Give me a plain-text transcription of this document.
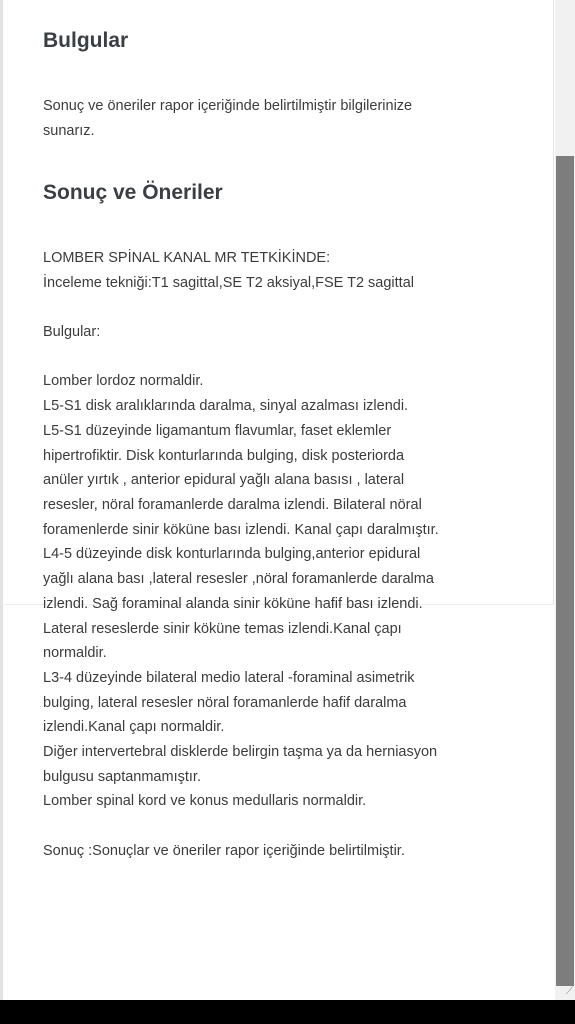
Bulgular

Sonuç ve öneriler rapor içeriğinde belirtilmiştir bilgilerinize
sunarız.

Sonuç ve Öneriler
LOMBER SPİNAL KANAL MR TETKİKİNDE:
İnceleme tekniği:T1 sagittal,SE T2 aksiyal,FSE T2 sagittal
Bulgular:
Lomber lordoz normaldir.
L5-S1 disk aralıklarında daralma, sinyal azalması izlendi.
L5-S1 düzeyinde ligamantum flavumlar, faset eklemler
hipertrofiktir. Disk konturlarında bulging, disk posteriorda
anüler yırtık , anterior epidural yağlı alana basısı , lateral
resesler, nöral foramanlerde daralma izlendi. Bilateral nöral
foramenlerde sinir köküne bası izlendi. Kanal çapı daralmıştır.
L4-5 düzeyinde disk konturlarında bulging,anterior epidural
yağlı alana bası ,lateral resesler ,nöral foramanlerde daralma
izlendi. Sağ foraminal alanda sinir köküne hafif bası izlendi.
Lateral reseslerde sinir köküne temas izlendi.Kanal çapı
normaldir.
L3-4 düzeyinde bilateral medio lateral -foraminal asimetrik
bulging, lateral resesler nöral foramanlerde hafif daralma
izlendi.Kanal çapı normaldir.
Diğer intervertebral disklerde belirgin taşma ya da herniasyon
bulgusu saptanmamıştır.
Lomber spinal kord ve konus medullaris normaldir.
Sonuç :Sonuçlar ve öneriler rapor içeriğinde belirtilmiştir.
⟋
